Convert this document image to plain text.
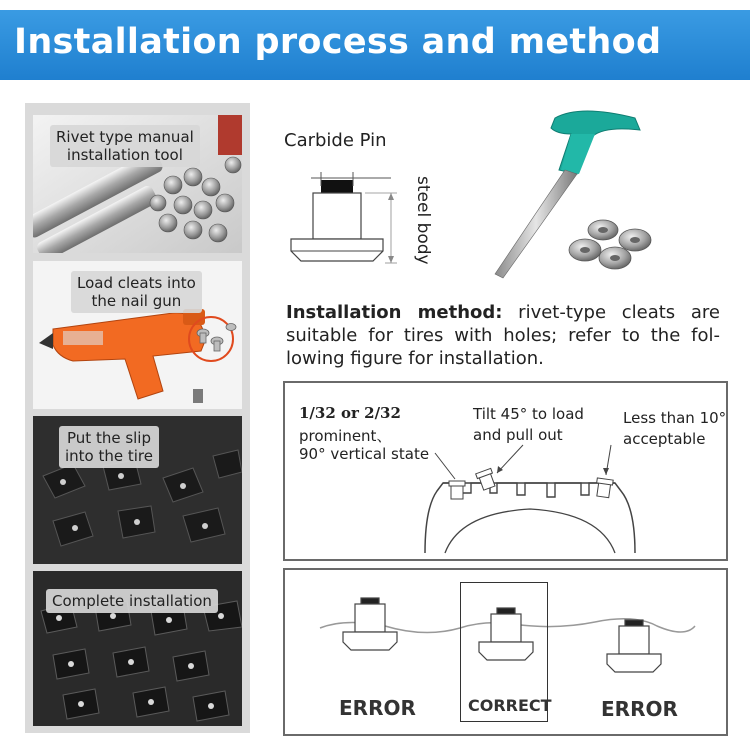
Installation process and method
Rivet type manual
installation tool
Load cleats into
the nail gun
Put the slip
into the tire
Complete installation
Carbide Pin
steel body
Installation method: rivet-type cleats are
suitable for tires with holes; refer to the fol-
lowing figure for installation.
1/32 or 2/32
prominent、
90° vertical state
Tilt 45° to load
and pull out
Less than 10°
acceptable
ERROR	CORRECT ERROR
